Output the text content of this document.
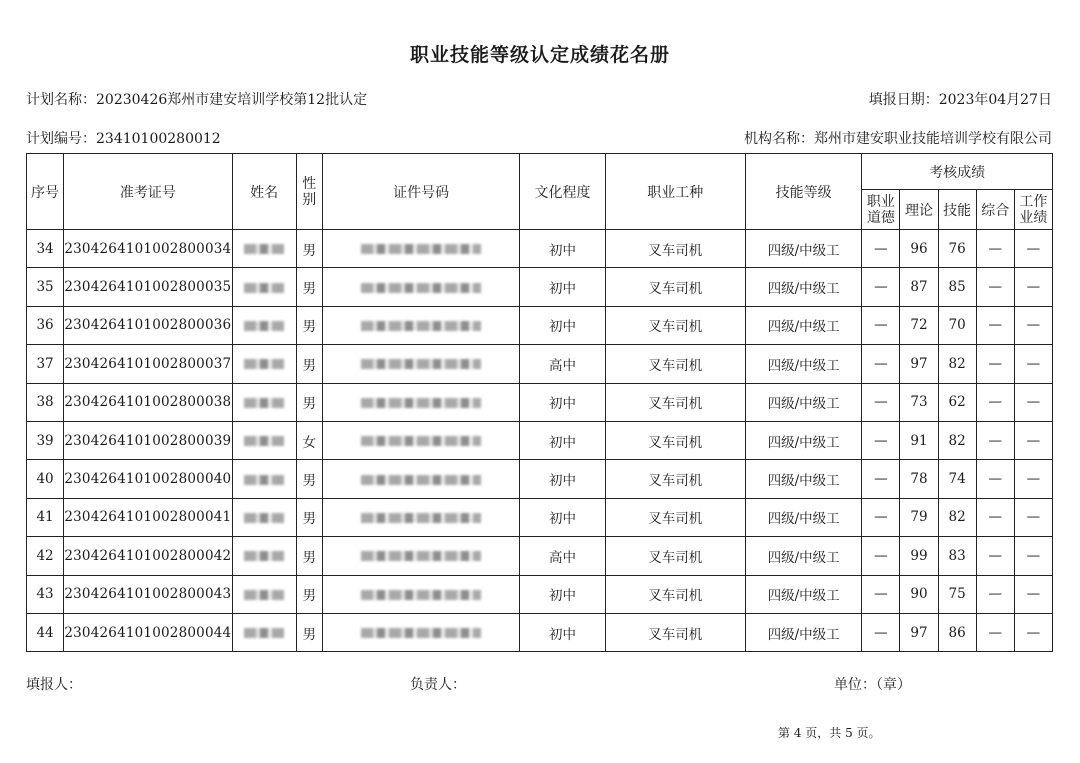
职业技能等级认定成绩花名册
计划名称：20230426郑州市建安培训学校第12批认定	填报日期：2023年04月27日
计划编号：23410100280012	机构名称：郑州市建安职业技能培训学校有限公司
序号	准考证号	姓名	性别	证件号码	文化程度	职业工种	技能等级	考核成绩				
								职业道德	理论	技能	综合	工作业绩
34	2304264101002800034		男		初中	叉车司机	四级/中级工	—	96	76	—	—
35	2304264101002800035		男		初中	叉车司机	四级/中级工	—	87	85	—	—
36	2304264101002800036		男		初中	叉车司机	四级/中级工	—	72	70	—	—
37	2304264101002800037		男		高中	叉车司机	四级/中级工	—	97	82	—	—
38	2304264101002800038		男		初中	叉车司机	四级/中级工	—	73	62	—	—
39	2304264101002800039		女		初中	叉车司机	四级/中级工	—	91	82	—	—
40	2304264101002800040		男		初中	叉车司机	四级/中级工	—	78	74	—	—
41	2304264101002800041		男		初中	叉车司机	四级/中级工	—	79	82	—	—
42	2304264101002800042		男		高中	叉车司机	四级/中级工	—	99	83	—	—
43	2304264101002800043		男		初中	叉车司机	四级/中级工	—	90	75	—	—
44	2304264101002800044		男		初中	叉车司机	四级/中级工	—	97	86	—	—
填报人：	负责人：	单位：（章）
第 4 页，共 5 页。
